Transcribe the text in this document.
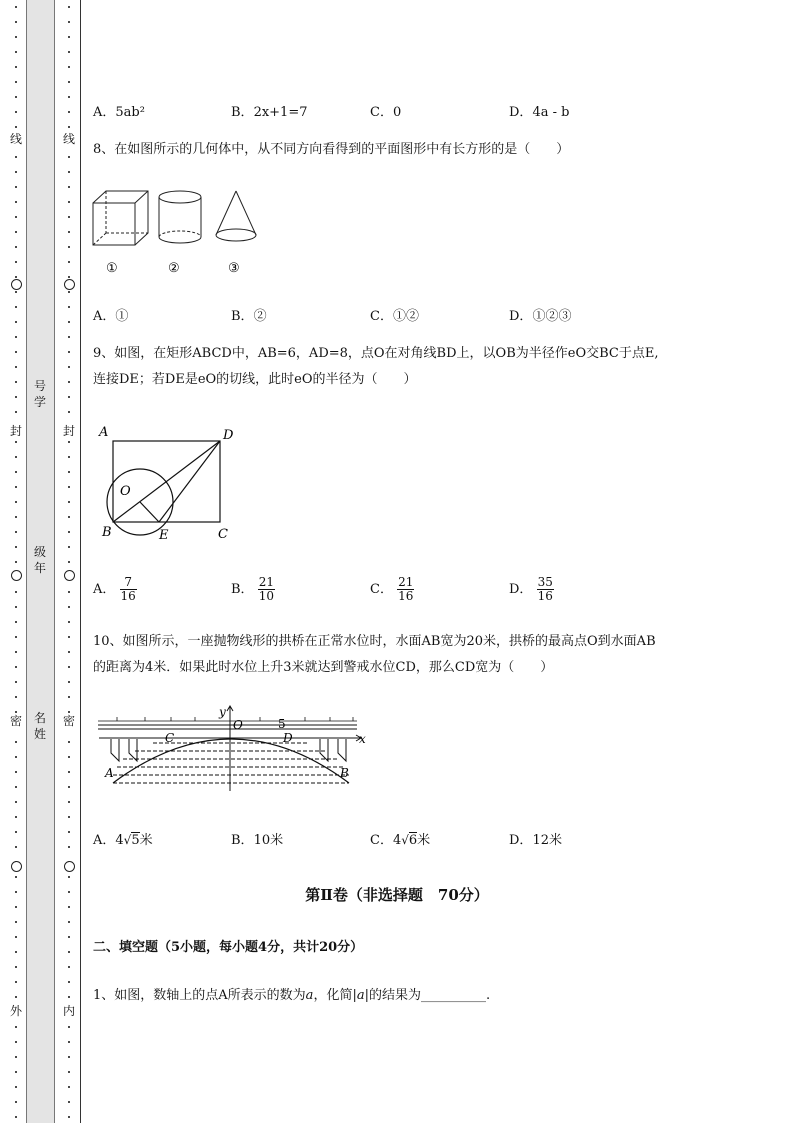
线
封
密
外
线
封
密
内
号学
级年
名姓
A．5ab²	B．2x+1=7	C．0	D．4a - b
8、在如图所示的几何体中，从不同方向看得到的平面图形中有长方形的是（　　）
①	②	③
A．①	B．②	C．①②	D．①②③
9、如图，在矩形ABCD中，AB=6，AD=8，点O在对角线BD上，以OB为半径作eO交BC于点E,
连接DE；若DE是eO的切线，此时eO的半径为（　　）
A	D
O
B	E	C
A． $\frac{7}{16}$	B． $\frac{21}{10}$	C． $\frac{21}{16}$	D． $\frac{35}{16}$
10、如图所示，一座抛物线形的拱桥在正常水位时，水面AB宽为20米，拱桥的最高点O到水面AB
的距离为4米．如果此时水位上升3米就达到警戒水位CD，那么CD宽为（　　）
y
O	5
C	D	x
A	B
A．4√5米	B．10米	C．4√6米	D．12米
第Ⅱ卷（非选择题　70分）
二、填空题（5小题，每小题4分，共计20分）
1、如图，数轴上的点A所表示的数为a，化简|a|的结果为__________.
